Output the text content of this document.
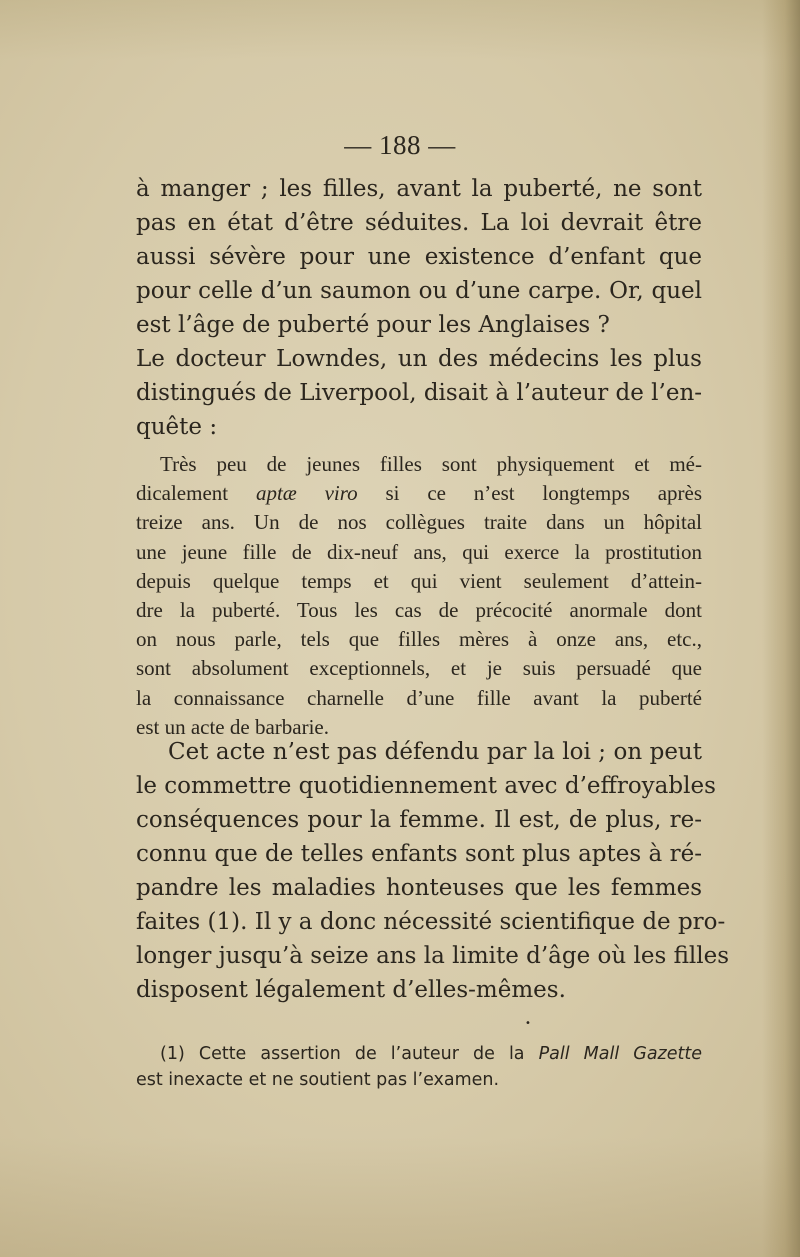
— 188 —
à manger ; les filles, avant la puberté, ne sont
pas en état d’être séduites. La loi devrait être
aussi sévère pour une existence d’enfant que
pour celle d’un saumon ou d’une carpe. Or, quel
est l’âge de puberté pour les Anglaises ?
Le docteur Lowndes, un des médecins les plus
distingués de Liverpool, disait à l’auteur de l’en-
quête :
Très peu de jeunes filles sont physiquement et mé-
dicalement aptæ viro si ce n’est longtemps après
treize ans. Un de nos collègues traite dans un hôpital
une jeune fille de dix-neuf ans, qui exerce la prostitution
depuis quelque temps et qui vient seulement d’attein-
dre la puberté. Tous les cas de précocité anormale dont
on nous parle, tels que filles mères à onze ans, etc.,
sont absolument exceptionnels, et je suis persuadé que
la connaissance charnelle d’une fille avant la puberté
est un acte de barbarie.
Cet acte n’est pas défendu par la loi ; on peut
le commettre quotidiennement avec d’effroyables
conséquences pour la femme. Il est, de plus, re-
connu que de telles enfants sont plus aptes à ré-
pandre les maladies honteuses que les femmes
faites (1). Il y a donc nécessité scientifique de pro-
longer jusqu’à seize ans la limite d’âge où les filles
disposent légalement d’elles-mêmes.
•
(1) Cette assertion de l’auteur de la Pall Mall Gazette
est inexacte et ne soutient pas l’examen.
